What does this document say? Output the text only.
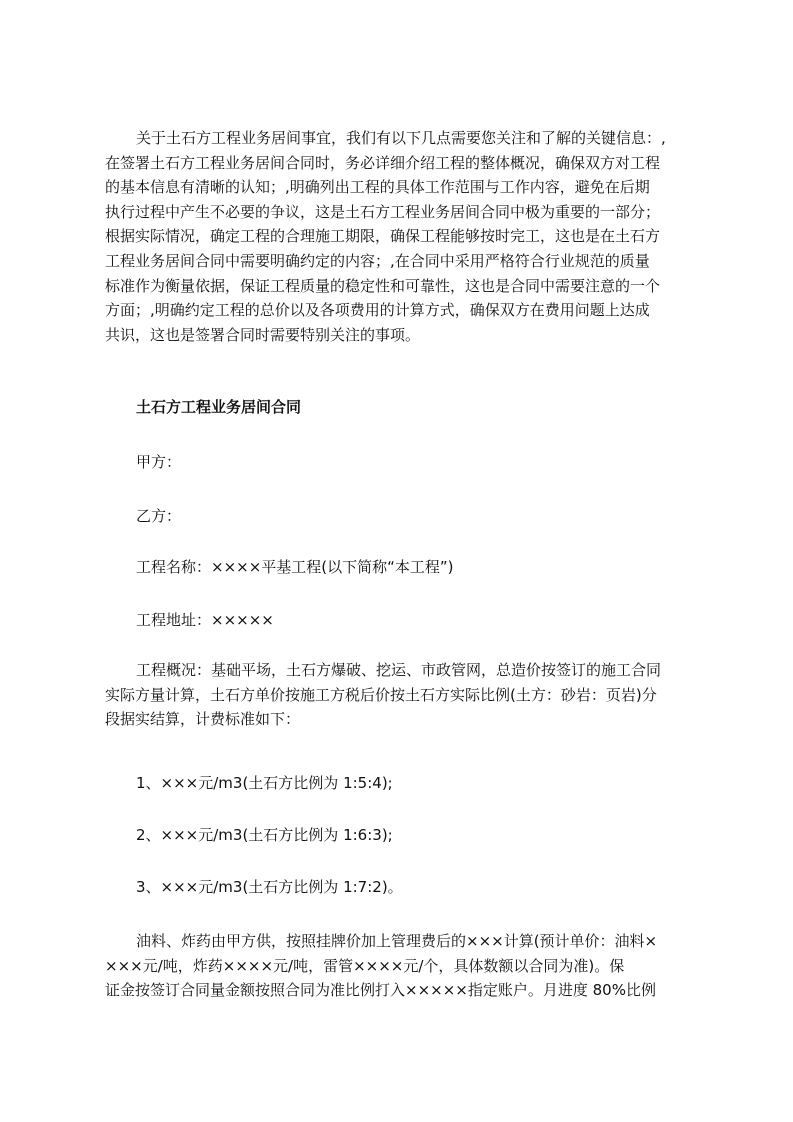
关于土石方工程业务居间事宜，我们有以下几点需要您关注和了解的关键信息：,
在签署土石方工程业务居间合同时，务必详细介绍工程的整体概况，确保双方对工程
的基本信息有清晰的认知；,明确列出工程的具体工作范围与工作内容，避免在后期
执行过程中产生不必要的争议，这是土石方工程业务居间合同中极为重要的一部分；
根据实际情况，确定工程的合理施工期限，确保工程能够按时完工，这也是在土石方
工程业务居间合同中需要明确约定的内容；,在合同中采用严格符合行业规范的质量
标准作为衡量依据，保证工程质量的稳定性和可靠性，这也是合同中需要注意的一个
方面；,明确约定工程的总价以及各项费用的计算方式，确保双方在费用问题上达成
共识，这也是签署合同时需要特别关注的事项。
土石方工程业务居间合同
甲方：
乙方：
工程名称：××××平基工程(以下简称“本工程”)
工程地址：×××××
工程概况：基础平场，土石方爆破、挖运、市政管网，总造价按签订的施工合同
实际方量计算，土石方单价按施工方税后价按土石方实际比例(土方：砂岩：页岩)分
段据实结算，计费标准如下：
1、×××元/m3(土石方比例为 1:5:4);
2、×××元/m3(土石方比例为 1:6:3);
3、×××元/m3(土石方比例为 1:7:2)。
油料、炸药由甲方供，按照挂牌价加上管理费后的×××计算(预计单价：油料×
×××元/吨，炸药××××元/吨，雷管××××元/个，具体数额以合同为准)。保
证金按签订合同量金额按照合同为准比例打入×××××指定账户。月进度 80%比例
